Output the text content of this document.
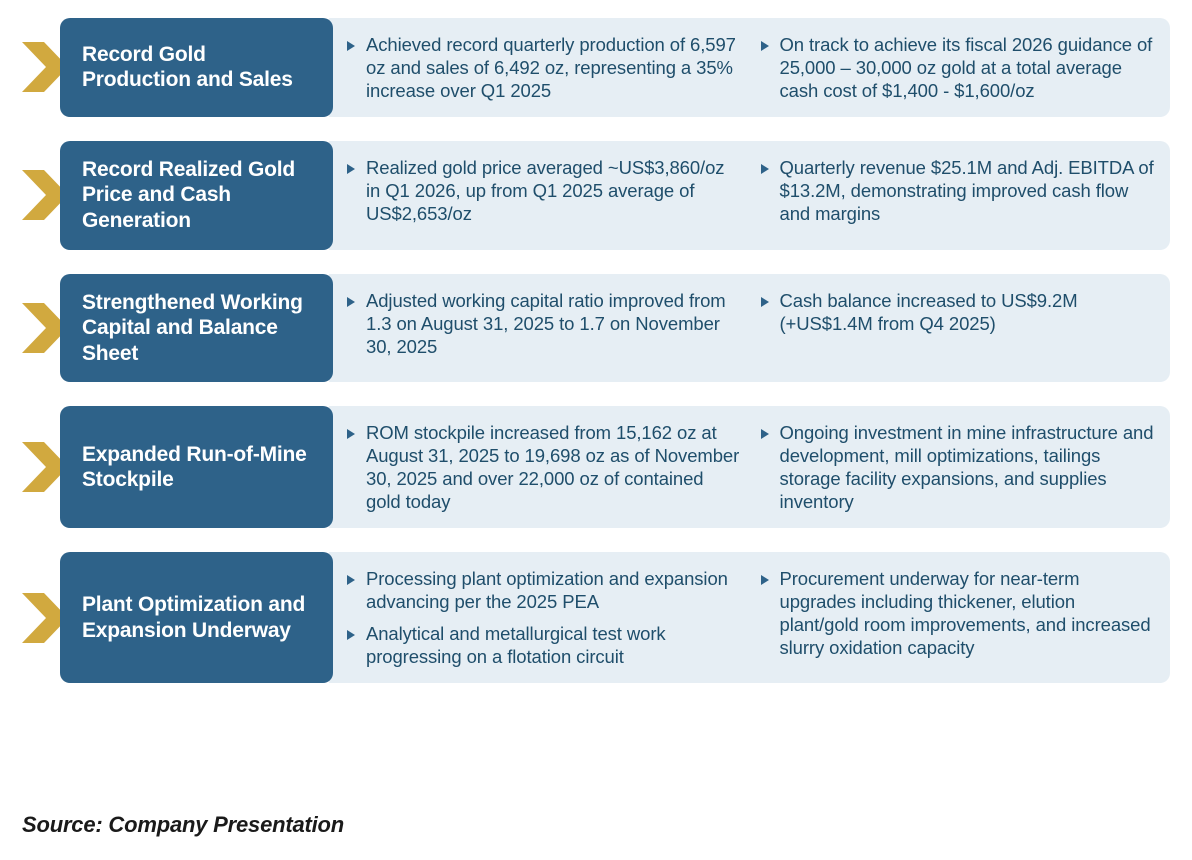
Record Gold Production and Sales
Achieved record quarterly production of 6,597 oz and sales of 6,492 oz, representing a 35% increase over Q1 2025
On track to achieve its fiscal 2026 guidance of 25,000 – 30,000 oz gold at a total average cash cost of $1,400 - $1,600/oz
Record Realized Gold Price and Cash Generation
Realized gold price averaged ~US$3,860/oz in Q1 2026, up from Q1 2025 average of US$2,653/oz
Quarterly revenue $25.1M and Adj. EBITDA of $13.2M, demonstrating improved cash flow and margins
Strengthened Working Capital and Balance Sheet
Adjusted working capital ratio improved from 1.3 on August 31, 2025 to 1.7 on November 30, 2025
Cash balance increased to US$9.2M (+US$1.4M from Q4 2025)
Expanded Run-of-Mine Stockpile
ROM stockpile increased from 15,162 oz at August 31, 2025 to 19,698 oz as of November 30, 2025 and over 22,000 oz of contained gold today
Ongoing investment in mine infrastructure and development, mill optimizations, tailings storage facility expansions, and supplies inventory
Plant Optimization and Expansion Underway
Processing plant optimization and expansion advancing per the 2025 PEA
Analytical and metallurgical test work progressing on a flotation circuit
Procurement underway for near-term upgrades including thickener, elution plant/gold room improvements, and increased slurry oxidation capacity
Source: Company Presentation
